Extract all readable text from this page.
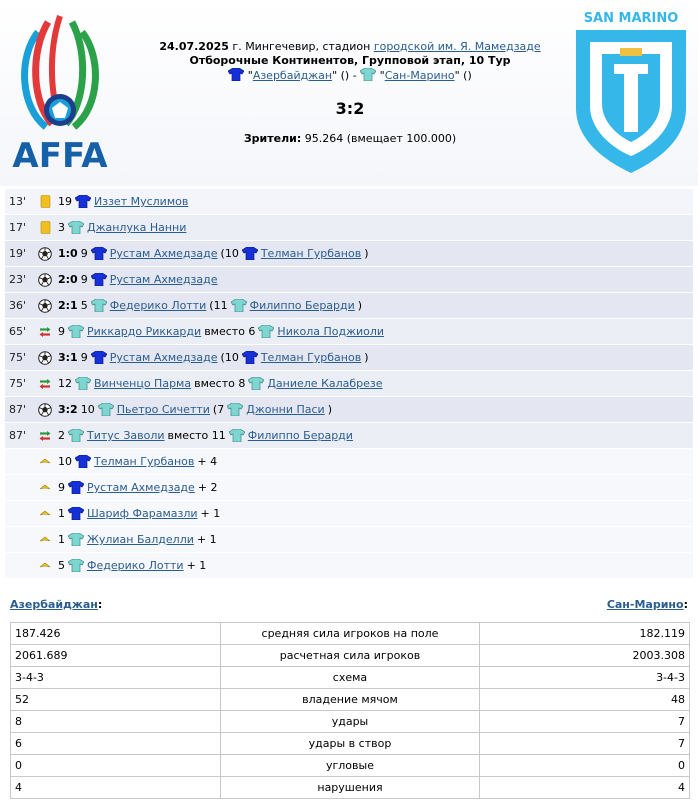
AFFA
24.07.2025 г. Мингечевир, стадион городской им. Я. Мамедзаде
Отборочные Континентов, Групповой этап, 10 Тур
"Азербайджан" () -  "Сан-Марино" ()
3:2
Зрители: 95.264 (вмещает 100.000)
SAN MARINO
13'	19 Иззет Муслимов
17'	3 Джанлука Нанни
19'	1:0 9 Рустам Ахмедзаде (10 Телман Гурбанов )
23'	2:0 9 Рустам Ахмедзаде
36'	2:1 5 Федерико Лотти (11 Филиппо Берарди )
65'	9 Риккардо Риккарди вместо 6 Никола Поджиоли
75'	3:1 9 Рустам Ахмедзаде (10 Телман Гурбанов )
75'	12 Винченцо Парма вместо 8 Даниеле Калабрезе
87'	3:2 10 Пьетро Сичетти (7 Джонни Паси )
87'	2 Титус Заволи вместо 11 Филиппо Берарди
10 Телман Гурбанов + 4
9 Рустам Ахмедзаде + 2
1 Шариф Фарамазли + 1
1 Жулиан Балделли + 1
5 Федерико Лотти + 1
Азербайджан:	Сан-Марино:
187.426	средняя сила игроков на поле	182.119
2061.689	расчетная сила игроков	2003.308
3-4-3	схема	3-4-3
52	владение мячом	48
8	удары	7
6	удары в створ	7
0	угловые	0
4	нарушения	4
